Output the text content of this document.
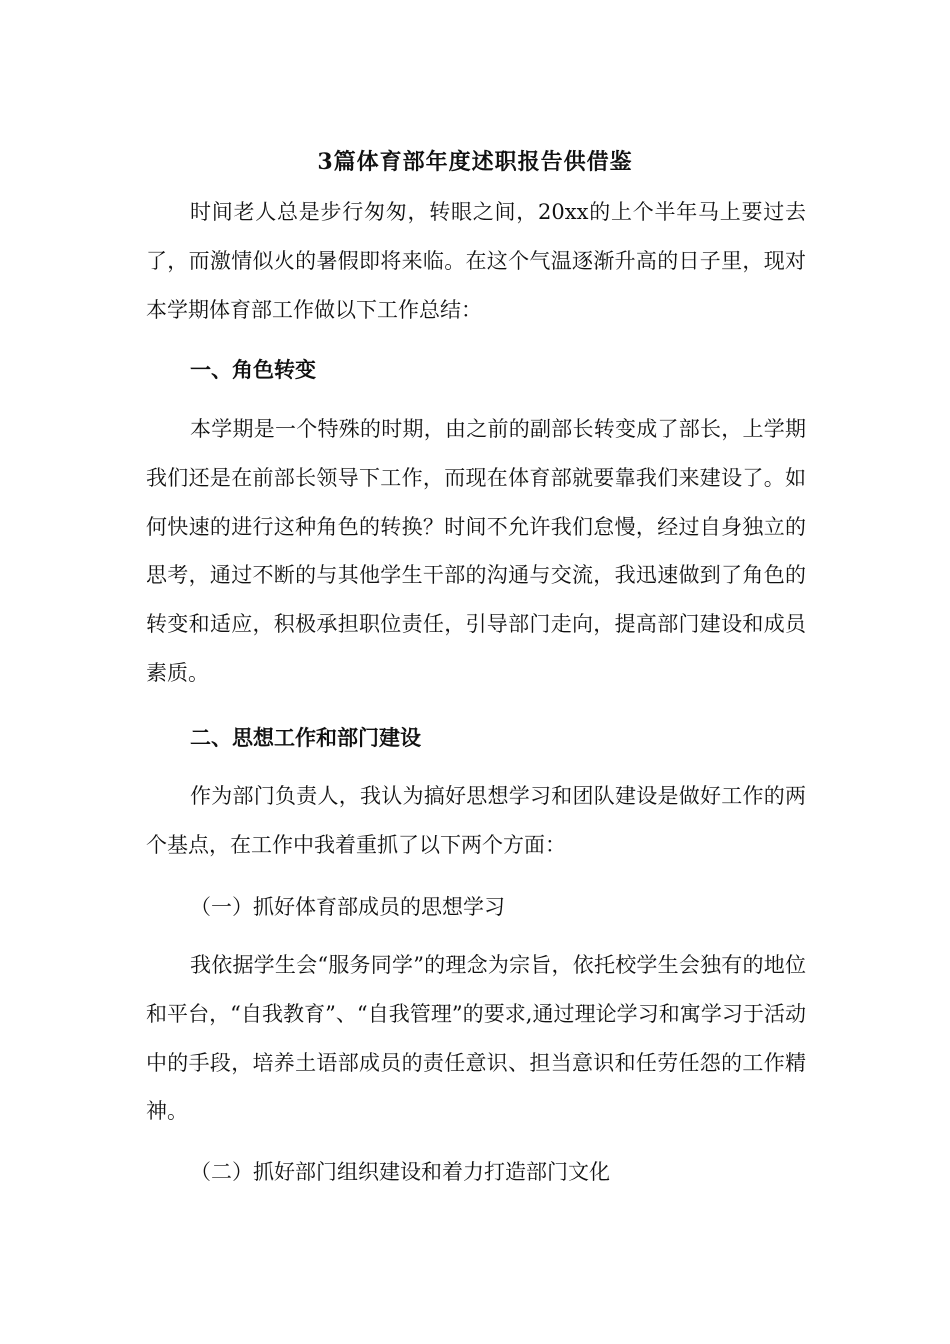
3篇体育部年度述职报告供借鉴
时间老人总是步行匆匆，转眼之间，20xx的上个半年马上要过去了，而激情似火的暑假即将来临。在这个气温逐渐升高的日子里，现对本学期体育部工作做以下工作总结：
一、角色转变
本学期是一个特殊的时期，由之前的副部长转变成了部长，上学期我们还是在前部长领导下工作，而现在体育部就要靠我们来建设了。如何快速的进行这种角色的转换？时间不允许我们怠慢，经过自身独立的思考，通过不断的与其他学生干部的沟通与交流，我迅速做到了角色的转变和适应，积极承担职位责任，引导部门走向，提高部门建设和成员素质。
二、思想工作和部门建设
作为部门负责人，我认为搞好思想学习和团队建设是做好工作的两个基点，在工作中我着重抓了以下两个方面：
（一）抓好体育部成员的思想学习
我依据学生会“服务同学”的理念为宗旨，依托校学生会独有的地位和平台，“自我教育”、“自我管理”的要求,通过理论学习和寓学习于活动中的手段，培养土语部成员的责任意识、担当意识和任劳任怨的工作精神。
（二）抓好部门组织建设和着力打造部门文化
